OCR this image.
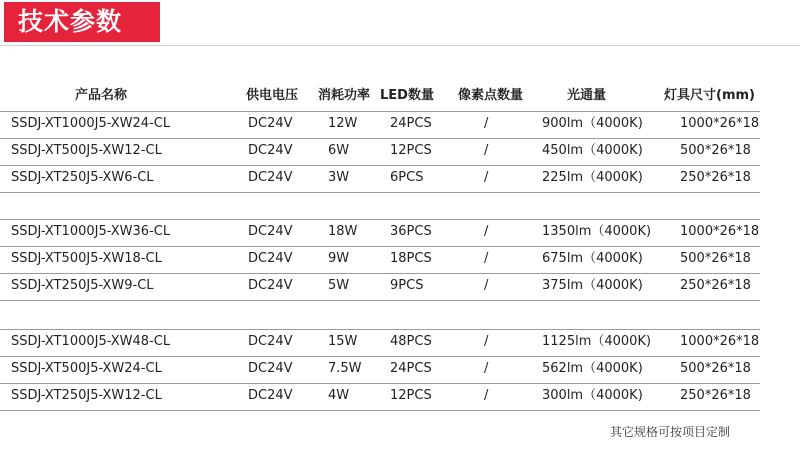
技术参数
产品名称	供电电压 消耗功率 LED数量 像素点数量	光通量	灯具尺寸(mm)
SSDJ-XT1000J5-XW24-CL	DC24V	12W	24PCS	/	900lm（4000K)	1000*26*18
SSDJ-XT500J5-XW12-CL	DC24V	6W	12PCS	/	450lm（4000K)	500*26*18
SSDJ-XT250J5-XW6-CL	DC24V	3W	6PCS	/	225lm（4000K)	250*26*18
SSDJ-XT1000J5-XW36-CL	DC24V	18W	36PCS	/	1350lm（4000K) 1000*26*18
SSDJ-XT500J5-XW18-CL	DC24V	9W	18PCS	/	675lm（4000K)	500*26*18
SSDJ-XT250J5-XW9-CL	DC24V	5W	9PCS	/	375lm（4000K)	250*26*18
SSDJ-XT1000J5-XW48-CL	DC24V	15W	48PCS	/	1125lm（4000K) 1000*26*18
SSDJ-XT500J5-XW24-CL	DC24V	7.5W 24PCS	/	562lm（4000K)	500*26*18
SSDJ-XT250J5-XW12-CL	DC24V	4W	12PCS	/	300lm（4000K)	250*26*18
其它规格可按项目定制
